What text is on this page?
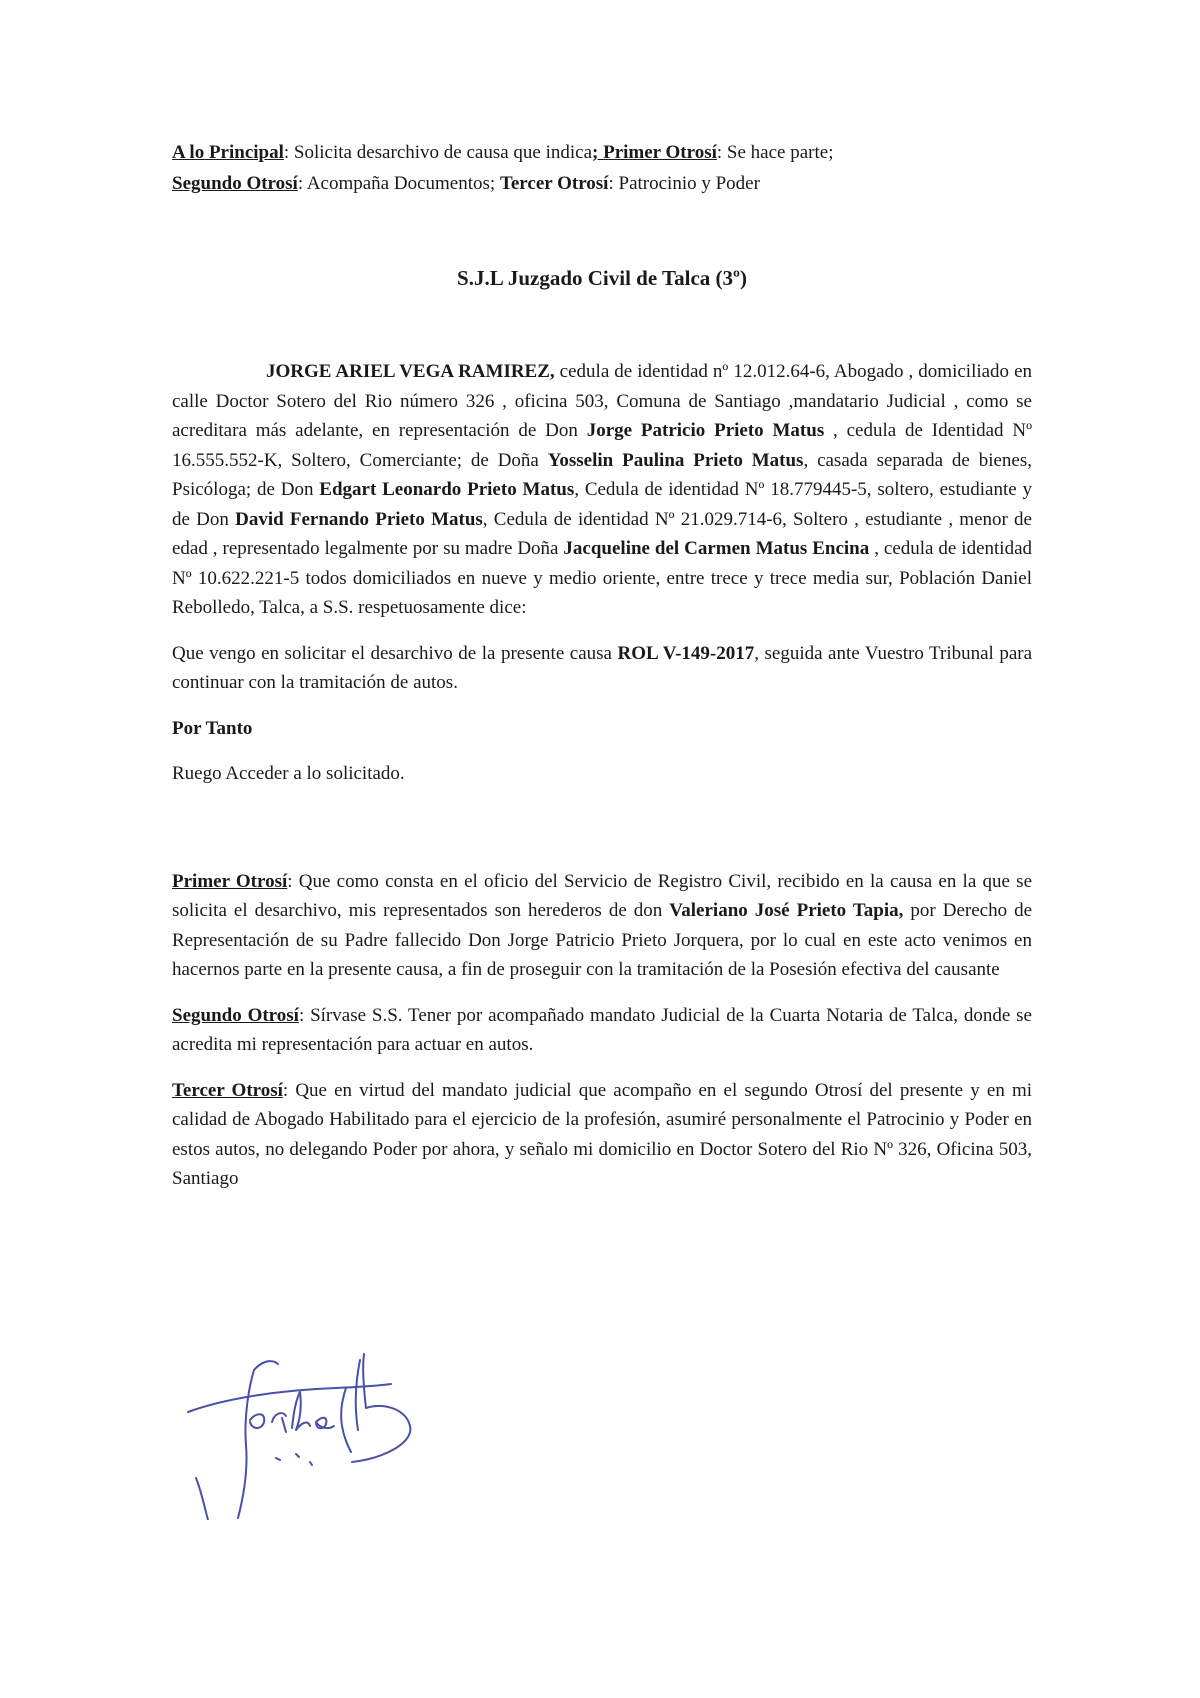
A lo Principal: Solicita desarchivo de causa que indica; Primer Otrosí: Se hace parte;

Segundo Otrosí: Acompaña Documentos; Tercer Otrosí: Patrocinio y Poder

S.J.L Juzgado Civil de Talca (3º)

JORGE ARIEL VEGA RAMIREZ, cedula de identidad nº 12.012.64-6, Abogado , domiciliado en calle Doctor Sotero del Rio número 326 , oficina 503, Comuna de Santiago ,mandatario Judicial , como se acreditara más adelante, en representación de Don Jorge Patricio Prieto Matus , cedula de Identidad Nº 16.555.552-K, Soltero, Comerciante; de Doña Yosselin Paulina Prieto Matus, casada separada de bienes, Psicóloga; de Don Edgart Leonardo Prieto Matus, Cedula de identidad Nº 18.779445-5, soltero, estudiante y de Don David Fernando Prieto Matus, Cedula de identidad Nº 21.029.714-6, Soltero , estudiante , menor de edad , representado legalmente por su madre Doña Jacqueline del Carmen Matus Encina , cedula de identidad Nº 10.622.221-5 todos domiciliados en nueve y medio oriente, entre trece y trece media sur, Población Daniel Rebolledo, Talca, a S.S. respetuosamente dice:

Que vengo en solicitar el desarchivo de la presente causa ROL V-149-2017, seguida ante Vuestro Tribunal para continuar con la tramitación de autos.

Por Tanto

Ruego Acceder a lo solicitado.

Primer Otrosí: Que como consta en el oficio del Servicio de Registro Civil, recibido en la causa en la que se solicita el desarchivo, mis representados son herederos de don Valeriano José Prieto Tapia, por Derecho de Representación de su Padre fallecido Don Jorge Patricio Prieto Jorquera, por lo cual en este acto venimos en hacernos parte en la presente causa, a fin de proseguir con la tramitación de la Posesión efectiva del causante

Segundo Otrosí: Sírvase S.S. Tener por acompañado mandato Judicial de la Cuarta Notaria de Talca, donde se acredita mi representación para actuar en autos.

Tercer Otrosí: Que en virtud del mandato judicial que acompaño en el segundo Otrosí del presente y en mi calidad de Abogado Habilitado para el ejercicio de la profesión, asumiré personalmente el Patrocinio y Poder en estos autos, no delegando Poder por ahora, y señalo mi domicilio en Doctor Sotero del Rio Nº 326, Oficina 503, Santiago
